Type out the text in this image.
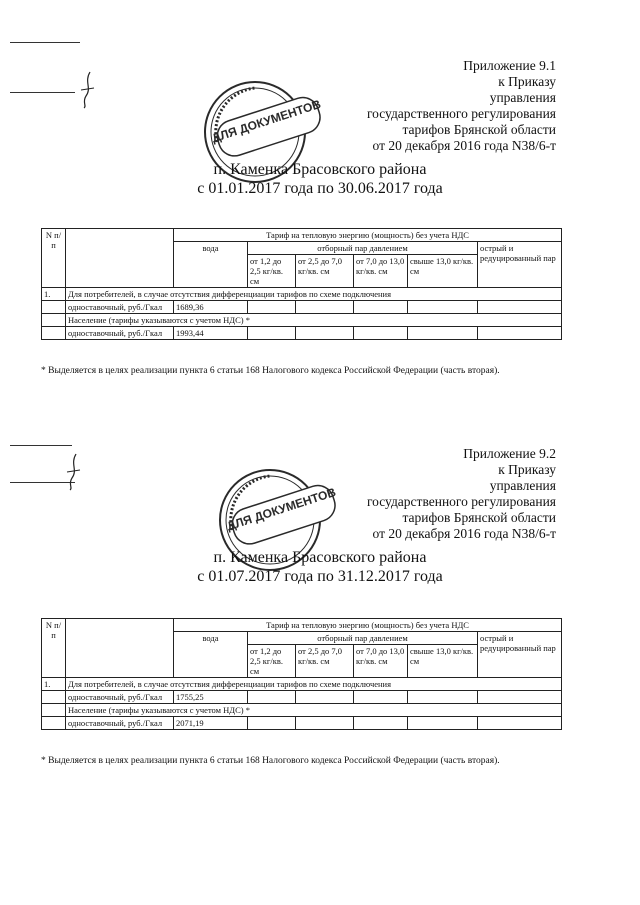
Приложение 9.1
к Приказу
управления
государственного регулирования
тарифов Брянской области
от 20 декабря 2016 года N38/6-т
ДЛЯ ДОКУМЕНТОВ
п. Каменка Брасовского района
с 01.01.2017 года по 30.06.2017 года
N п/п		Тариф на тепловую энергию (мощность) без учета НДС					
		вода	отборный пар давлением				острый и редуцированный пар
			от 1,2 до 2,5 кг/кв. см	от 2,5 до 7,0 кг/кв. см	от 7,0 до 13,0 кг/кв. см	свыше 13,0 кг/кв. см	
1.	Для потребителей, в случае отсутствия дифференциации тарифов по схеме подключения						
	одноставочный, руб./Гкал	1689,36					
	Население (тарифы указываются с учетом НДС) *						
	одноставочный, руб./Гкал	1993,44					
* Выделяется в целях реализации пункта 6 статьи 168 Налогового кодекса Российской Федерации (часть вторая).
Приложение 9.2
к Приказу
управления
государственного регулирования
тарифов Брянской области
от 20 декабря 2016 года N38/6-т
ДЛЯ ДОКУМЕНТОВ
п. Каменка Брасовского района
с 01.07.2017 года по 31.12.2017 года
N п/п		Тариф на тепловую энергию (мощность) без учета НДС					
		вода	отборный пар давлением				острый и редуцированный пар
			от 1,2 до 2,5 кг/кв. см	от 2,5 до 7,0 кг/кв. см	от 7,0 до 13,0 кг/кв. см	свыше 13,0 кг/кв. см	
1.	Для потребителей, в случае отсутствия дифференциации тарифов по схеме подключения						
	одноставочный, руб./Гкал	1755,25					
	Население (тарифы указываются с учетом НДС) *						
	одноставочный, руб./Гкал	2071,19					
* Выделяется в целях реализации пункта 6 статьи 168 Налогового кодекса Российской Федерации (часть вторая).
